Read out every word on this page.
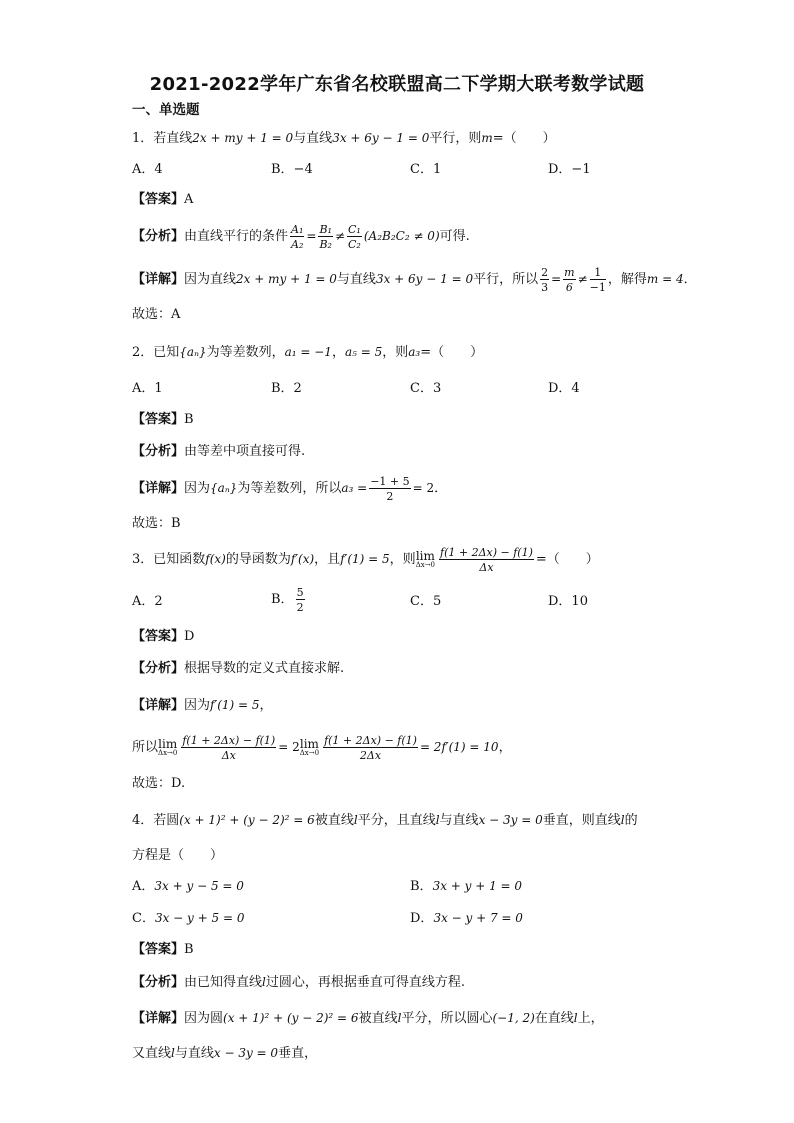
2021-2022学年广东省名校联盟高二下学期大联考数学试题
一、单选题
1．若直线2x + my + 1 = 0与直线3x + 6y − 1 = 0平行，则m=（　　）
A．4	B．−4	C．1	D．−1
【答案】A
【分析】由直线平行的条件 $\frac{\text{A₁}}{\text{A₂}} = \frac{\text{B₁}}{\text{B₂}} \ne \frac{\text{C₁}}{\text{C₂}} (A_2B_2C_2 \ne 0)$可得.
【详解】因为直线2x + my + 1 = 0与直线3x + 6y − 1 = 0平行，所以 $\frac{2}{3} = \frac{m}{6} \ne \frac{1}{-1}$ ，解得m = 4．
故选：A
2．已知{aₙ}为等差数列，a₁ = −1，a₅ = 5，则a₃=（　　）
A．1	B．2	C．3	D．4
【答案】B
【分析】由等差中项直接可得.
【详解】因为{aₙ}为等差数列，所以$a_3 = \frac{-1 + 5}{2} = 2$．
故选：B
3．已知函数f(x)的导函数为f′(x)，且f′(1) = 5，则 lim
$\Delta x\to 0 \frac{f(1 + 2\Delta x) - f(1)}{\Delta x}$ =（　　）
A．2	B． $\frac{5}{2}$	C．5	D．10
【答案】D
【分析】根据导数的定义式直接求解.
【详解】因为f′(1) = 5，
所以 lim
$\Delta x\to 0 \frac{f(1 + 2\Delta x) - f(1)}{\Delta x} = 2$ lim
$\Delta x\to 0 \frac{f(1 + 2\Delta x) - f(1)}{2\Delta x} = 2f'(1) = 10$，
故选：D.
4．若圆(x + 1)² + (y − 2)² = 6被直线l平分，且直线l与直线x − 3y = 0垂直，则直线l的
方程是（　　）
A．3x + y − 5 = 0	B．3x + y + 1 = 0
C．3x − y + 5 = 0	D．3x − y + 7 = 0
【答案】B
【分析】由已知得直线l过圆心，再根据垂直可得直线方程.
【详解】因为圆(x + 1)² + (y − 2)² = 6被直线l平分，所以圆心(−1, 2)在直线l上，
又直线l与直线x − 3y = 0垂直，
